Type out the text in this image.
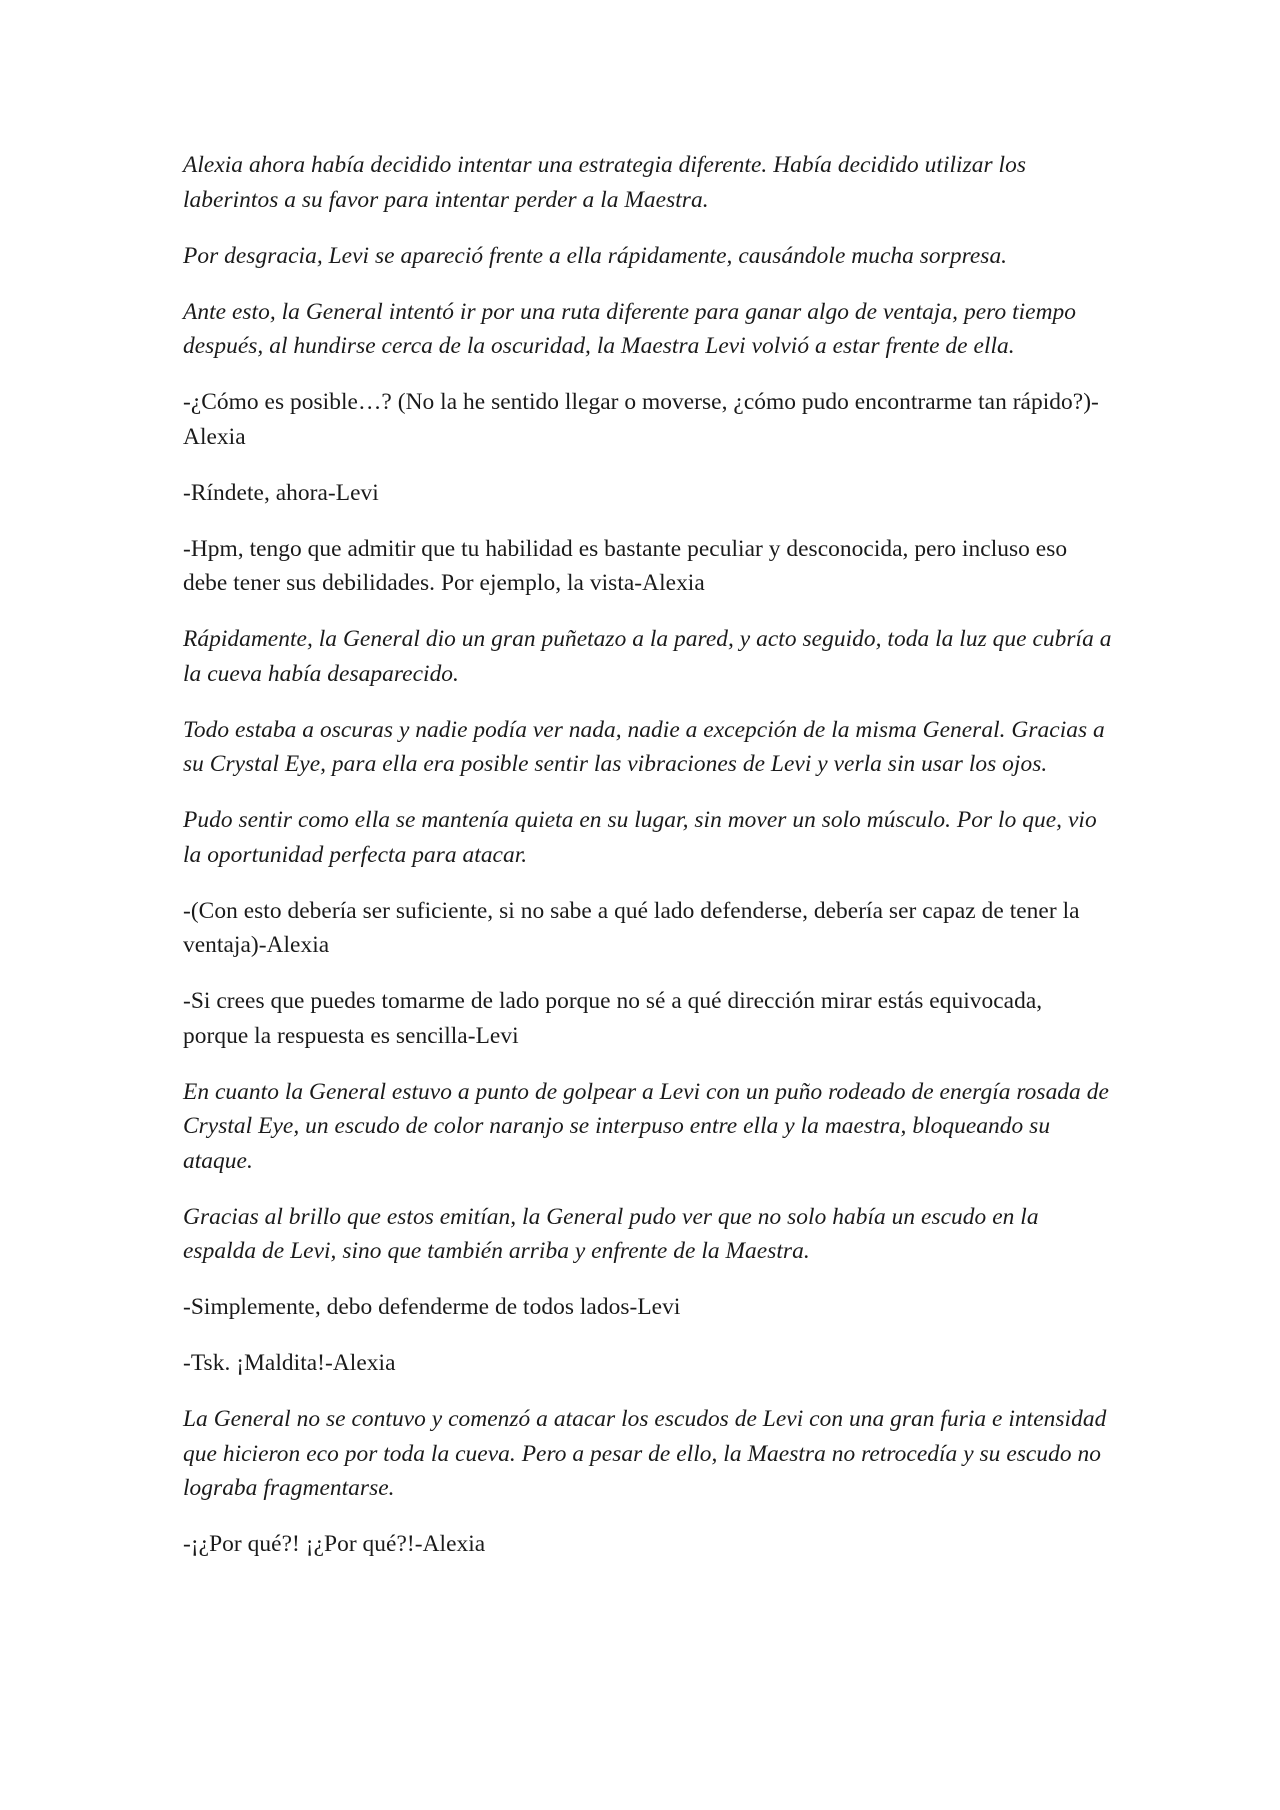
Alexia ahora había decidido intentar una estrategia diferente. Había decidido utilizar los laberintos a su favor para intentar perder a la Maestra.

Por desgracia, Levi se apareció frente a ella rápidamente, causándole mucha sorpresa.

Ante esto, la General intentó ir por una ruta diferente para ganar algo de ventaja, pero tiempo después, al hundirse cerca de la oscuridad, la Maestra Levi volvió a estar frente de ella.

-¿Cómo es posible…? (No la he sentido llegar o moverse, ¿cómo pudo encontrarme tan rápido?)-Alexia

-Ríndete, ahora-Levi

-Hpm, tengo que admitir que tu habilidad es bastante peculiar y desconocida, pero incluso eso debe tener sus debilidades. Por ejemplo, la vista-Alexia

Rápidamente, la General dio un gran puñetazo a la pared, y acto seguido, toda la luz que cubría a la cueva había desaparecido.

Todo estaba a oscuras y nadie podía ver nada, nadie a excepción de la misma General. Gracias a su Crystal Eye, para ella era posible sentir las vibraciones de Levi y verla sin usar los ojos.

Pudo sentir como ella se mantenía quieta en su lugar, sin mover un solo músculo. Por lo que, vio la oportunidad perfecta para atacar.

-(Con esto debería ser suficiente, si no sabe a qué lado defenderse, debería ser capaz de tener la ventaja)-Alexia

-Si crees que puedes tomarme de lado porque no sé a qué dirección mirar estás equivocada, porque la respuesta es sencilla-Levi

En cuanto la General estuvo a punto de golpear a Levi con un puño rodeado de energía rosada de Crystal Eye, un escudo de color naranjo se interpuso entre ella y la maestra, bloqueando su ataque.

Gracias al brillo que estos emitían, la General pudo ver que no solo había un escudo en la espalda de Levi, sino que también arriba y enfrente de la Maestra.

-Simplemente, debo defenderme de todos lados-Levi

-Tsk. ¡Maldita!-Alexia

La General no se contuvo y comenzó a atacar los escudos de Levi con una gran furia e intensidad que hicieron eco por toda la cueva. Pero a pesar de ello, la Maestra no retrocedía y su escudo no lograba fragmentarse.

-¡¿Por qué?! ¡¿Por qué?!-Alexia
